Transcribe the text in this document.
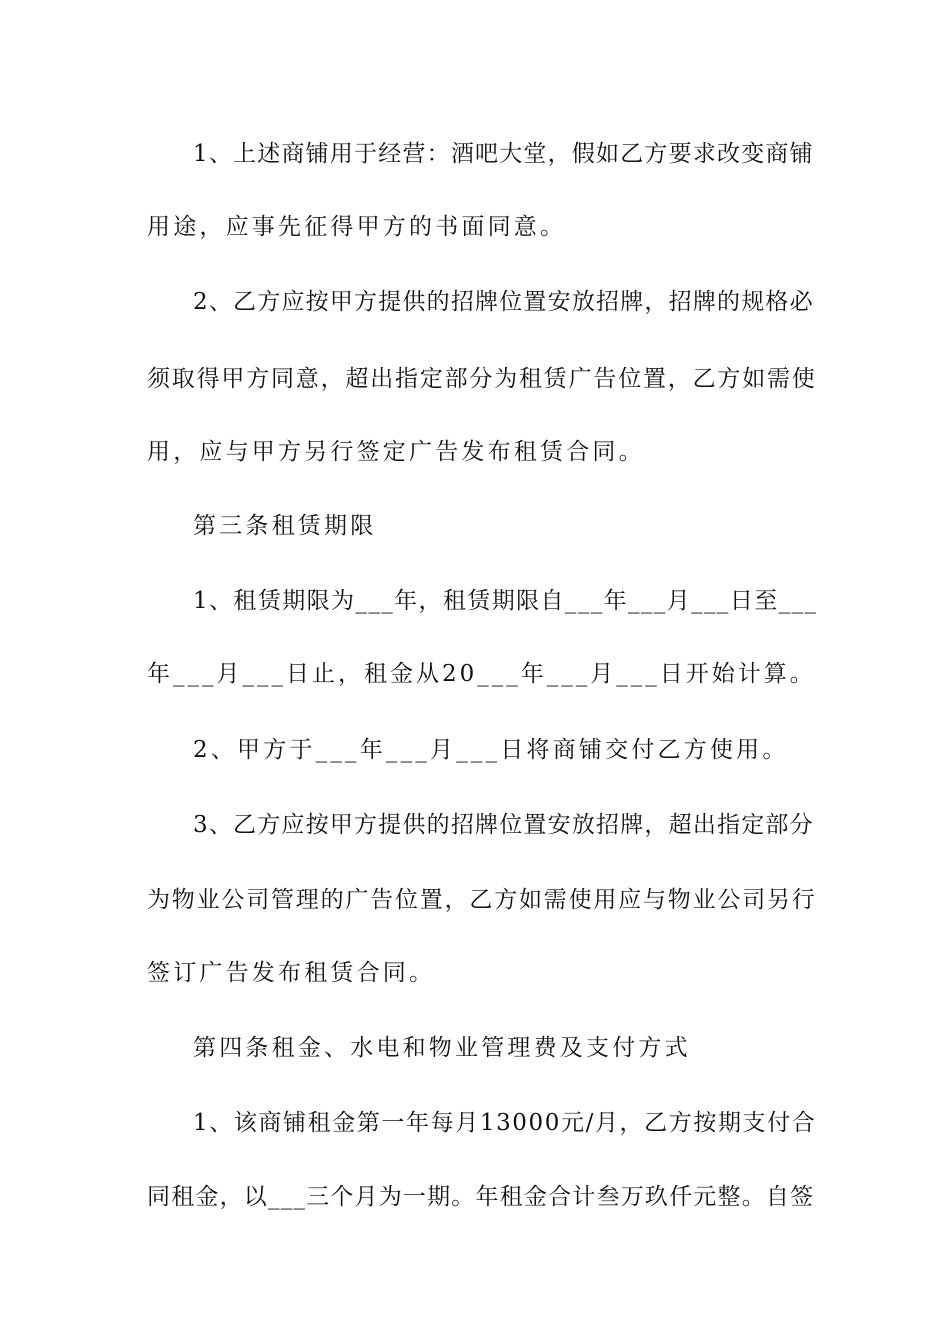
1、上述商铺用于经营：酒吧大堂，假如乙方要求改变商铺
用途，应事先征得甲方的书面同意。
2、乙方应按甲方提供的招牌位置安放招牌，招牌的规格必
须取得甲方同意，超出指定部分为租赁广告位置，乙方如需使
用，应与甲方另行签定广告发布租赁合同。
第三条租赁期限
1、租赁期限为___年，租赁期限自___年___月___日至___
年___月___日止，租金从20___年___月___日开始计算。
2、甲方于___年___月___日将商铺交付乙方使用。
3、乙方应按甲方提供的招牌位置安放招牌，超出指定部分
为物业公司管理的广告位置，乙方如需使用应与物业公司另行
签订广告发布租赁合同。
第四条租金、水电和物业管理费及支付方式
1、该商铺租金第一年每月13000元/月，乙方按期支付合
同租金，以___三个月为一期。年租金合计叁万玖仟元整。自签
